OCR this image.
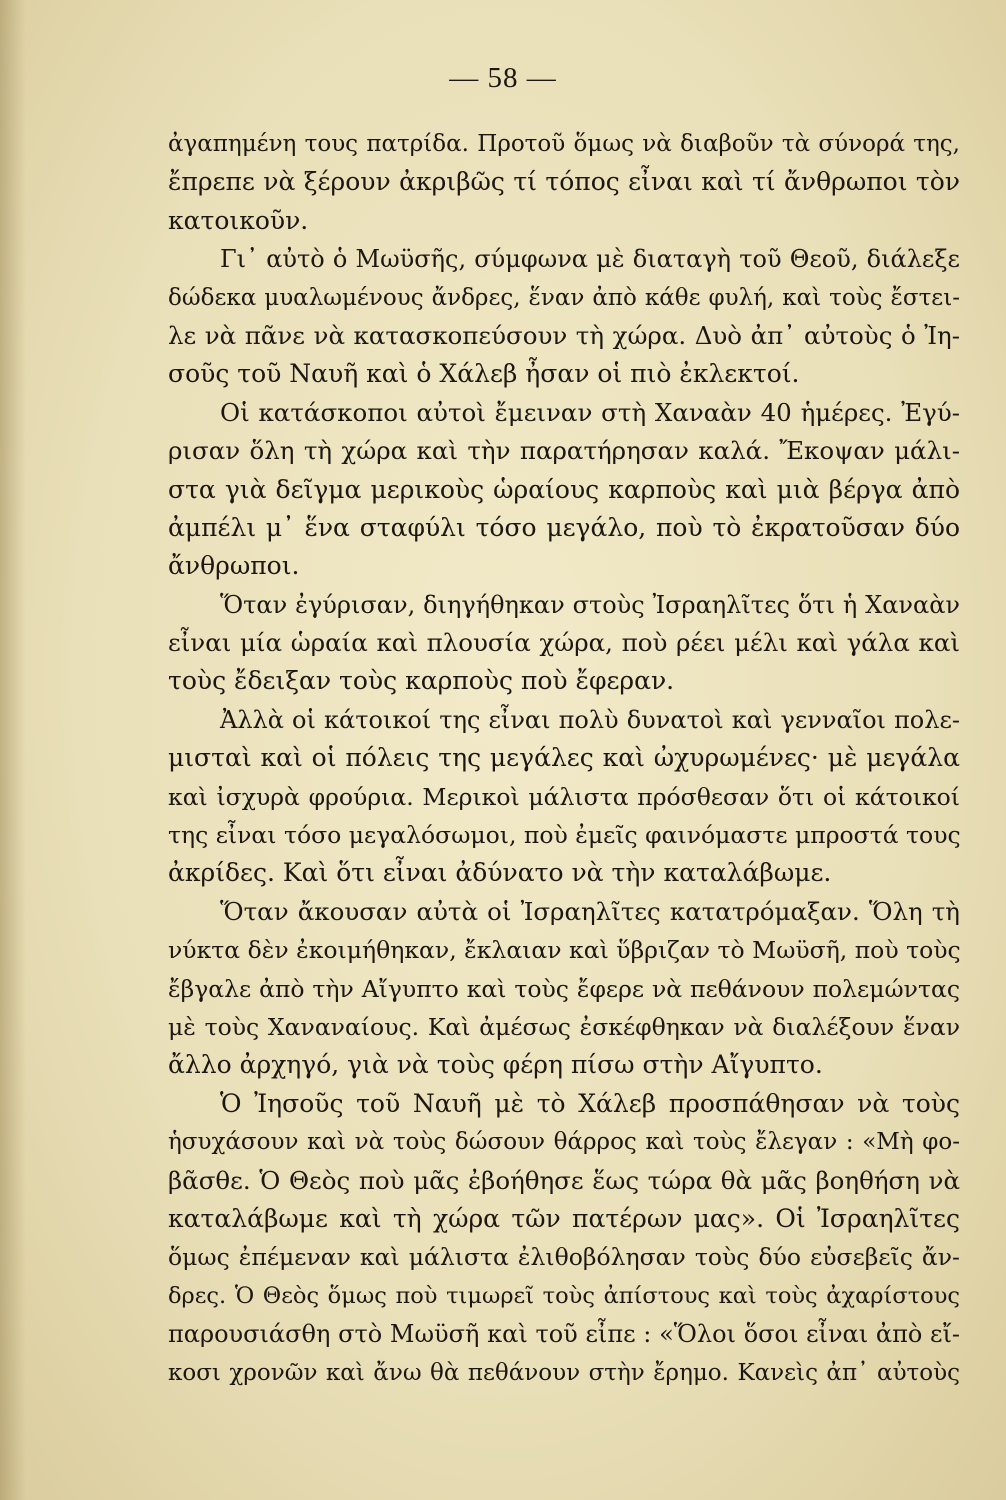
— 58 —
ἀγαπημένη τους πατρίδα. Προτοῦ ὅμως νὰ διαβοῦν τὰ σύνορά της,
ἔπρεπε νὰ ξέρουν ἀκριβῶς τί τόπος εἶναι καὶ τί ἄνθρωποι τὸν
κατοικοῦν.
Γι᾿ αὐτὸ ὁ Μωϋσῆς, σύμφωνα μὲ διαταγὴ τοῦ Θεοῦ, διάλεξε
δώδεκα μυαλωμένους ἄνδρες, ἕναν ἀπὸ κάθε φυλή, καὶ τοὺς ἔστει-
λε νὰ πᾶνε νὰ κατασκοπεύσουν τὴ χώρα. Δυὸ ἀπ᾿ αὐτοὺς ὁ Ἰη-
σοῦς τοῦ Ναυῆ καὶ ὁ Χάλεβ ἦσαν οἱ πιὸ ἐκλεκτοί.
Οἱ κατάσκοποι αὐτοὶ ἔμειναν στὴ Χαναὰν 40 ἡμέρες. Ἐγύ-
ρισαν ὅλη τὴ χώρα καὶ τὴν παρατήρησαν καλά. Ἔκοψαν μάλι-
στα γιὰ δεῖγμα μερικοὺς ὡραίους καρποὺς καὶ μιὰ βέργα ἀπὸ
ἀμπέλι μ᾿ ἕνα σταφύλι τόσο μεγάλο, ποὺ τὸ ἐκρατοῦσαν δύο
ἄνθρωποι.
Ὅταν ἐγύρισαν, διηγήθηκαν στοὺς Ἰσραηλῖτες ὅτι ἡ Χαναὰν
εἶναι μία ὡραία καὶ πλουσία χώρα, ποὺ ρέει μέλι καὶ γάλα καὶ
τοὺς ἔδειξαν τοὺς καρποὺς ποὺ ἔφεραν.
Ἀλλὰ οἱ κάτοικοί της εἶναι πολὺ δυνατοὶ καὶ γενναῖοι πολε-
μισταὶ καὶ οἱ πόλεις της μεγάλες καὶ ὠχυρωμένες· μὲ μεγάλα
καὶ ἰσχυρὰ φρούρια. Μερικοὶ μάλιστα πρόσθεσαν ὅτι οἱ κάτοικοί
της εἶναι τόσο μεγαλόσωμοι, ποὺ ἐμεῖς φαινόμαστε μπροστά τους
ἀκρίδες. Καὶ ὅτι εἶναι ἀδύνατο νὰ τὴν καταλάβωμε.
Ὅταν ἄκουσαν αὐτὰ οἱ Ἰσραηλῖτες κατατρόμαξαν. Ὅλη τὴ
νύκτα δὲν ἐκοιμήθηκαν, ἔκλαιαν καὶ ὕβριζαν τὸ Μωϋσῆ, ποὺ τοὺς
ἔβγαλε ἀπὸ τὴν Αἴγυπτο καὶ τοὺς ἔφερε νὰ πεθάνουν πολεμώντας
μὲ τοὺς Χαναναίους. Καὶ ἀμέσως ἐσκέφθηκαν νὰ διαλέξουν ἕναν
ἄλλο ἀρχηγό, γιὰ νὰ τοὺς φέρη πίσω στὴν Αἴγυπτο.
Ὁ Ἰησοῦς τοῦ Ναυῆ μὲ τὸ Χάλεβ προσπάθησαν νὰ τοὺς
ἡσυχάσουν καὶ νὰ τοὺς δώσουν θάρρος καὶ τοὺς ἔλεγαν : «Μὴ φο-
βᾶσθε. Ὁ Θεὸς ποὺ μᾶς ἐβοήθησε ἕως τώρα θὰ μᾶς βοηθήση νὰ
καταλάβωμε καὶ τὴ χώρα τῶν πατέρων μας». Οἱ Ἰσραηλῖτες
ὅμως ἐπέμεναν καὶ μάλιστα ἐλιθοβόλησαν τοὺς δύο εὐσεβεῖς ἄν-
δρες. Ὁ Θεὸς ὅμως ποὺ τιμωρεῖ τοὺς ἀπίστους καὶ τοὺς ἀχαρίστους
παρουσιάσθη στὸ Μωϋσῆ καὶ τοῦ εἶπε : «Ὅλοι ὅσοι εἶναι ἀπὸ εἴ-
κοσι χρονῶν καὶ ἄνω θὰ πεθάνουν στὴν ἔρημο. Κανεὶς ἀπ᾿ αὐτοὺς
